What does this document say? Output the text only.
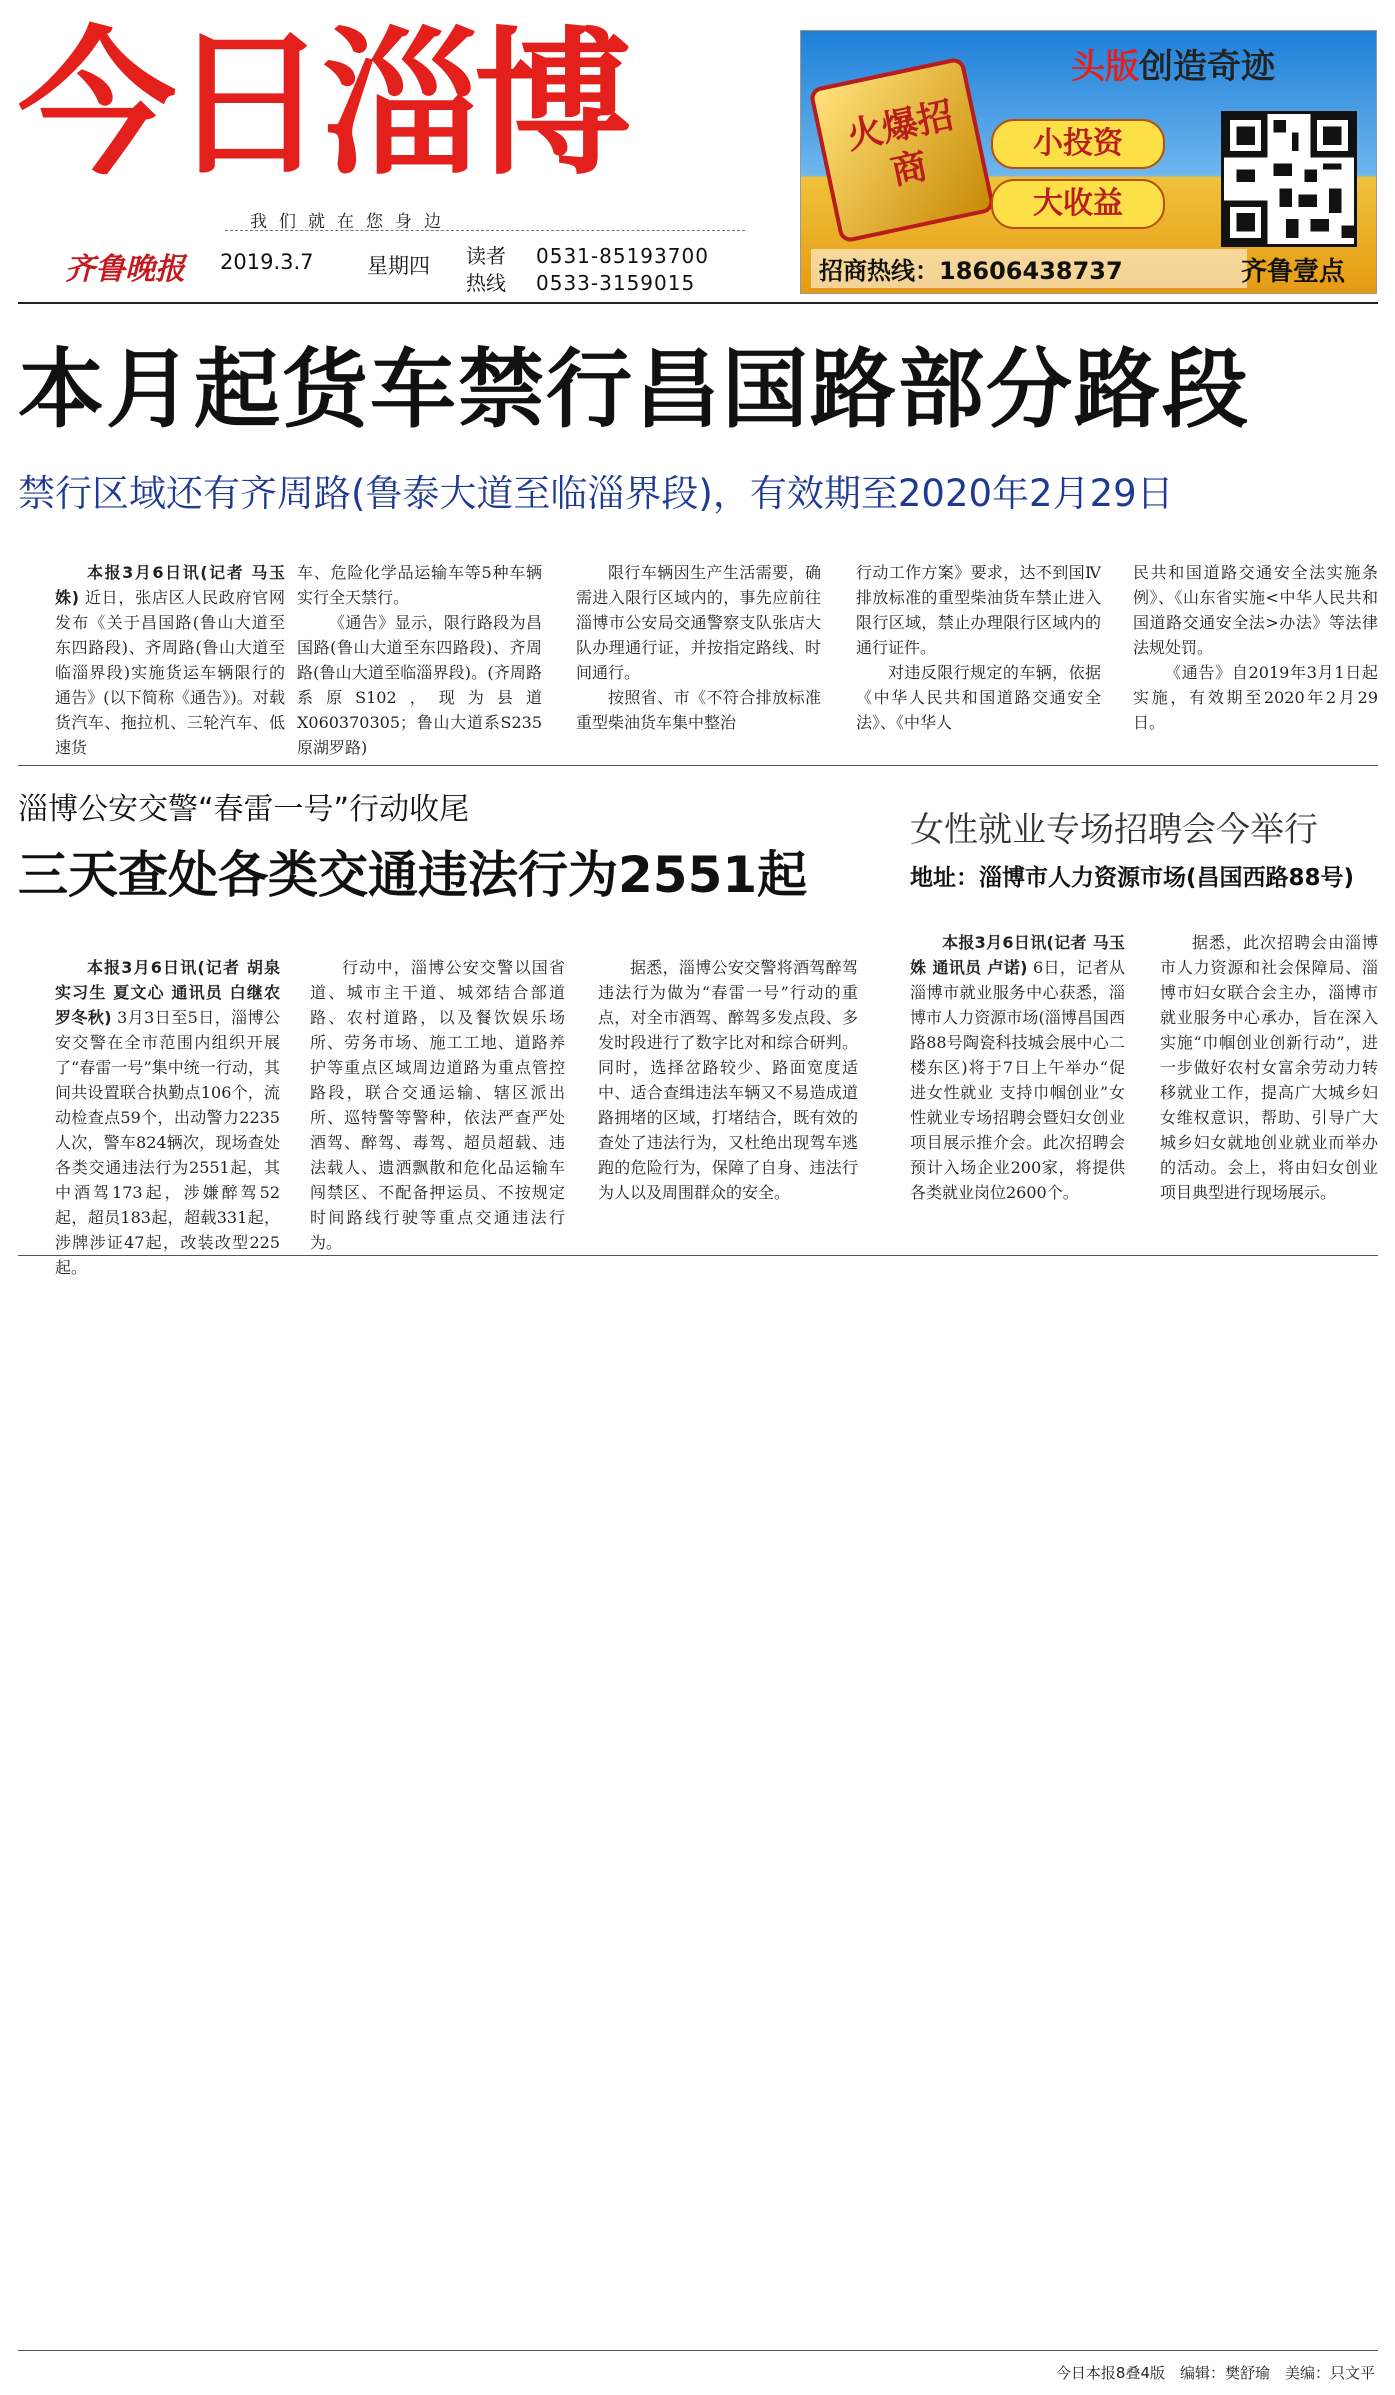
今日淄博
我们就在您身边
齐鲁晚报 2019.3.7	星期四 读者
热线
0531-85193700
0533-3159015
头版创造奇迹
火爆招商
小投资
大收益
招商热线：18606438737	齐鲁壹点
本月起货车禁行昌国路部分路段
禁行区域还有齐周路(鲁泰大道至临淄界段)，有效期至2020年2月29日

本报3月6日讯(记者 马玉姝) 近日，张店区人民政府官网发布《关于昌国路(鲁山大道至东四路段)、齐周路(鲁山大道至临淄界段)实施货运车辆限行的通告》(以下简称《通告》)。对载货汽车、拖拉机、三轮汽车、低速货

车、危险化学品运输车等5种车辆实行全天禁行。

《通告》显示，限行路段为昌国路(鲁山大道至东四路段)、齐周路(鲁山大道至临淄界段)。(齐周路系原S102，现为县道X060370305；鲁山大道系S235原湖罗路)

限行车辆因生产生活需要，确需进入限行区域内的，事先应前往淄博市公安局交通警察支队张店大队办理通行证，并按指定路线、时间通行。

按照省、市《不符合排放标准重型柴油货车集中整治

行动工作方案》要求，达不到国Ⅳ排放标准的重型柴油货车禁止进入限行区域，禁止办理限行区域内的通行证件。

对违反限行规定的车辆，依据《中华人民共和国道路交通安全法》、《中华人

民共和国道路交通安全法实施条例》、《山东省实施<中华人民共和国道路交通安全法>办法》等法律法规处罚。

《通告》自2019年3月1日起实施，有效期至2020年2月29日。

淄博公安交警“春雷一号”行动收尾
三天查处各类交通违法行为2551起

本报3月6日讯(记者 胡泉 实习生 夏文心 通讯员 白继农 罗冬秋) 3月3日至5日，淄博公安交警在全市范围内组织开展了“春雷一号”集中统一行动，其间共设置联合执勤点106个，流动检查点59个，出动警力2235人次，警车824辆次，现场查处各类交通违法行为2551起，其中酒驾173起，涉嫌醉驾52起，超员183起，超载331起，涉牌涉证47起，改装改型225起。

行动中，淄博公安交警以国省道、城市主干道、城郊结合部道路、农村道路，以及餐饮娱乐场所、劳务市场、施工工地、道路养护等重点区域周边道路为重点管控路段，联合交通运输、辖区派出所、巡特警等警种，依法严查严处酒驾、醉驾、毒驾、超员超载、违法载人、遗洒飘散和危化品运输车闯禁区、不配备押运员、不按规定时间路线行驶等重点交通违法行为。

据悉，淄博公安交警将酒驾醉驾违法行为做为“春雷一号”行动的重点，对全市酒驾、醉驾多发点段、多发时段进行了数字比对和综合研判。同时，选择岔路较少、路面宽度适中、适合查缉违法车辆又不易造成道路拥堵的区域，打堵结合，既有效的查处了违法行为，又杜绝出现驾车逃跑的危险行为，保障了自身、违法行为人以及周围群众的安全。

女性就业专场招聘会今举行
地址：淄博市人力资源市场(昌国西路88号)

本报3月6日讯(记者 马玉姝 通讯员 卢诺) 6日，记者从淄博市就业服务中心获悉，淄博市人力资源市场(淄博昌国西路88号陶瓷科技城会展中心二楼东区)将于7日上午举办“促进女性就业 支持巾帼创业”女性就业专场招聘会暨妇女创业项目展示推介会。此次招聘会预计入场企业200家，将提供各类就业岗位2600个。

据悉，此次招聘会由淄博市人力资源和社会保障局、淄博市妇女联合会主办，淄博市就业服务中心承办，旨在深入实施“巾帼创业创新行动”，进一步做好农村女富余劳动力转移就业工作，提高广大城乡妇女维权意识，帮助、引导广大城乡妇女就地创业就业而举办的活动。会上，将由妇女创业项目典型进行现场展示。

今日本报8叠4版　编辑：樊舒瑜　美编：只文平
